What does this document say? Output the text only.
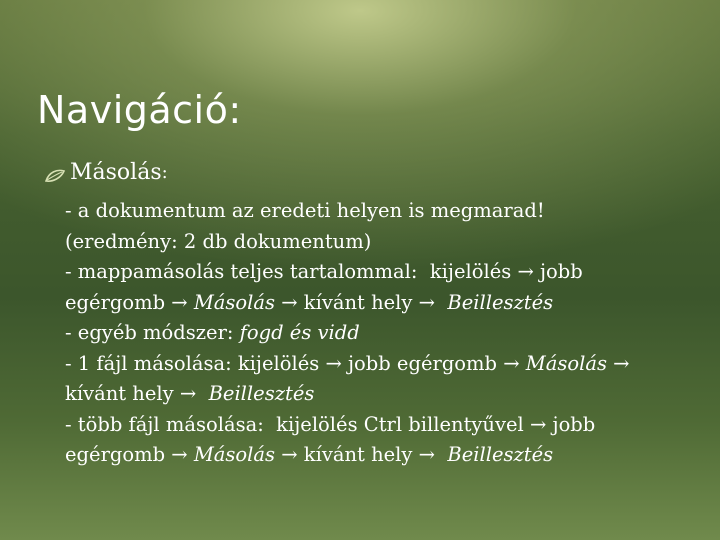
Navigáció:
Másolás :
- a dokumentum az eredeti helyen is megmarad!
(eredmény: 2 db dokumentum)
- mappamásolás teljes tartalommal:  kijelölés → jobb
egérgomb → Másolás → kívánt hely →  Beillesztés
- egyéb módszer: fogd és vidd
- 1 fájl másolása: kijelölés → jobb egérgomb → Másolás →
kívánt hely →  Beillesztés
- több fájl másolása:  kijelölés Ctrl billentyűvel → jobb
egérgomb → Másolás → kívánt hely →  Beillesztés
